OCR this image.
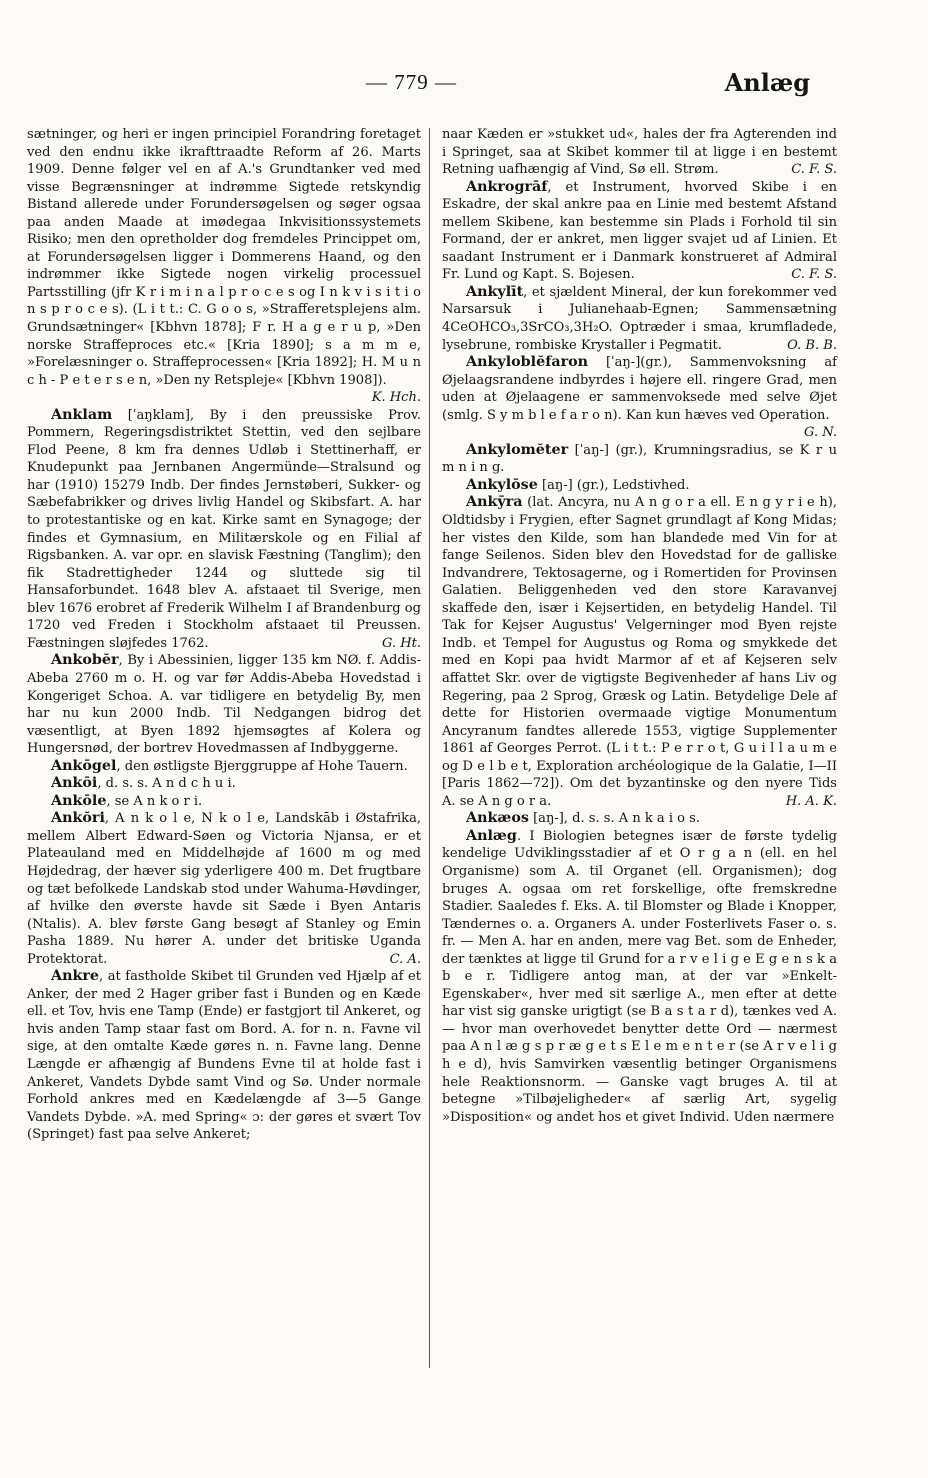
— 779 —	Anlæg

sætninger, og heri er ingen principiel Forandring foretaget ved den endnu ikke ikrafttraadte Reform af 26. Marts 1909. Denne følger vel en af A.'s Grundtanker ved med visse Begrænsninger at indrømme Sigtede retskyndig Bistand allerede under Forundersøgelsen og søger ogsaa paa anden Maade at imødegaa Inkvisitionssystemets Risiko; men den opretholder dog fremdeles Princippet om, at Forundersøgelsen ligger i Dommerens Haand, og den indrømmer ikke Sigtede nogen virkelig processuel Partsstilling (jfr K r i m i n a l p r o c e s og I n k v i s i t i o n s p r o c e s). (L i t t.: C. G o o s, »Strafferetsplejens alm. Grundsætninger« [Kbhvn 1878]; F r. H a g e r u p, »Den norske Straffeproces etc.« [Kria 1890]; s a m m e, »Forelæsninger o. Straffeprocessen« [Kria 1892]; H. M u n c h - P e t e r s e n, »Den ny Retspleje« [Kbhvn 1908]).
K. Hch.

Anklam [ˈaŋklam], By i den preussiske Prov. Pommern, Regeringsdistriktet Stettin, ved den sejlbare Flod Peene, 8 km fra dennes Udløb i Stettinerhaff, er Knudepunkt paa Jernbanen Angermünde—Stralsund og har (1910) 15279 Indb. Der findes Jernstøberi, Sukker- og Sæbefabrikker og drives livlig Handel og Skibsfart. A. har to protestantiske og en kat. Kirke samt en Synagoge; der findes et Gymnasium, en Militærskole og en Filial af Rigsbanken. A. var opr. en slavisk Fæstning (Tanglim); den fik Stadrettigheder 1244 og sluttede sig til Hansaforbundet. 1648 blev A. afstaaet til Sverige, men blev 1676 erobret af Frederik Wilhelm I af Brandenburg og 1720 ved Freden i Stockholm afstaaet til Preussen. Fæstningen sløjfedes 1762.	G. Ht.

Ankobĕr, By i Abessinien, ligger 135 km NØ. f. Addis-Abeba 2760 m o. H. og var før Addis-Abeba Hovedstad i Kongeriget Schoa. A. var tidligere en betydelig By, men har nu kun 2000 Indb. Til Nedgangen bidrog det væsentligt, at Byen 1892 hjemsøgtes af Kolera og Hungersnød, der bortrev Hovedmassen af Indbyggerne.

Ankōgel, den østligste Bjerggruppe af Hohe Tauern.

Ankōi, d. s. s. A n d c h u i.

Ankōle, se A n k o r i.

Ankŏri, A n k o l e, N k o l e, Landskāb i Østafrika, mellem Albert Edward-Søen og Victoria Njansa, er et Plateauland med en Middelhøjde af 1600 m og med Højdedrag, der hæver sig yderligere 400 m. Det frugtbare og tæt befolkede Landskab stod under Wahuma-Høvdinger, af hvilke den øverste havde sit Sæde i Byen Antaris (Ntalis). A. blev første Gang besøgt af Stanley og Emin Pasha 1889. Nu hører A. under det britiske Uganda Protektorat.	C. A.

Ankre, at fastholde Skibet til Grunden ved Hjælp af et Anker, der med 2 Hager griber fast i Bunden og en Kæde ell. et Tov, hvis ene Tamp (Ende) er fastgjort til Ankeret, og hvis anden Tamp staar fast om Bord. A. for n. n. Favne vil sige, at den omtalte Kæde gøres n. n. Favne lang. Denne Længde er afhængig af Bundens Evne til at holde fast i Ankeret, Vandets Dybde samt Vind og Sø. Under normale Forhold ankres med en Kædelængde af 3—5 Gange Vandets Dybde. »A. med Spring« ɔ: der gøres et svært Tov (Springet) fast paa selve Ankeret;

naar Kæden er »stukket ud«, hales der fra Agterenden ind i Springet, saa at Skibet kommer til at ligge i en bestemt Retning uafhængig af Vind, Sø ell. Strøm.	C. F. S.

Ankrogrāf, et Instrument, hvorved Skibe i en Eskadre, der skal ankre paa en Linie med bestemt Afstand mellem Skibene, kan bestemme sin Plads i Forhold til sin Formand, der er ankret, men ligger svajet ud af Linien. Et saadant Instrument er i Danmark konstrueret af Admiral Fr. Lund og Kapt. S. Bojesen.	C. F. S.

Ankylīt, et sjældent Mineral, der kun forekommer ved Narsarsuk i Julianehaab-Egnen; Sammensætning 4CeOHCO₃,3SrCO₃,3H₂O. Optræder i smaa, krumfladede, lysebrune, rombiske Krystaller i Pegmatit.	O. B. B.

Ankyloblĕfaron [ˈaŋ-](gr.), Sammenvoksning af Øjelaagsrandene indbyrdes i højere ell. ringere Grad, men uden at Øjelaagene er sammenvoksede med selve Øjet (smlg. S y m b l e f a r o n). Kan kun hæves ved Operation.
G. N.

Ankylomĕter [ˈaŋ-] (gr.), Krumningsradius, se K r u m n i n g.

Ankylōse [aŋ-] (gr.), Ledstivhed.

Ankȳra (lat. Ancyra, nu A n g o r a ell. E n g y r i e h), Oldtidsby i Frygien, efter Sagnet grundlagt af Kong Midas; her vistes den Kilde, som han blandede med Vin for at fange Seilenos. Siden blev den Hovedstad for de galliske Indvandrere, Tektosagerne, og i Romertiden for Provinsen Galatien. Beliggenheden ved den store Karavanvej skaffede den, især i Kejsertiden, en betydelig Handel. Til Tak for Kejser Augustus' Velgerninger mod Byen rejste Indb. et Tempel for Augustus og Roma og smykkede det med en Kopi paa hvidt Marmor af et af Kejseren selv affattet Skr. over de vigtigste Begivenheder af hans Liv og Regering, paa 2 Sprog, Græsk og Latin. Betydelige Dele af dette for Historien overmaade vigtige Monumentum Ancyranum fandtes allerede 1553, vigtige Supplementer 1861 af Georges Perrot. (L i t t.: P e r r o t, G u i l l a u m e og D e l b e t, Exploration archéologique de la Galatie, I—II [Paris 1862—72]). Om det byzantinske og den nyere Tids A. se A n g o r a.	H. A. K.

Ankæos [aŋ-], d. s. s. A n k a i o s.

Anlæg. I Biologien betegnes især de første tydelig kendelige Udviklingsstadier af et O r g a n (ell. en hel Organisme) som A. til Organet (ell. Organismen); dog bruges A. ogsaa om ret forskellige, ofte fremskredne Stadier. Saaledes f. Eks. A. til Blomster og Blade i Knopper, Tændernes o. a. Organers A. under Fosterlivets Faser o. s. fr. — Men A. har en anden, mere vag Bet. som de Enheder, der tænktes at ligge til Grund for a r v e l i g e E g e n s k a b e r. Tidligere antog man, at der var »Enkelt-Egenskaber«, hver med sit særlige A., men efter at dette har vist sig ganske urigtigt (se B a s t a r d), tænkes ved A. — hvor man overhovedet benytter dette Ord — nærmest paa A n l æ g s p r æ g e t s E l e m e n t e r (se A r v e l i g h e d), hvis Samvirken væsentlig betinger Organismens hele Reaktionsnorm. — Ganske vagt bruges A. til at betegne »Tilbøjeligheder« af særlig Art, sygelig »Disposition« og andet hos et givet Individ. Uden nærmere
